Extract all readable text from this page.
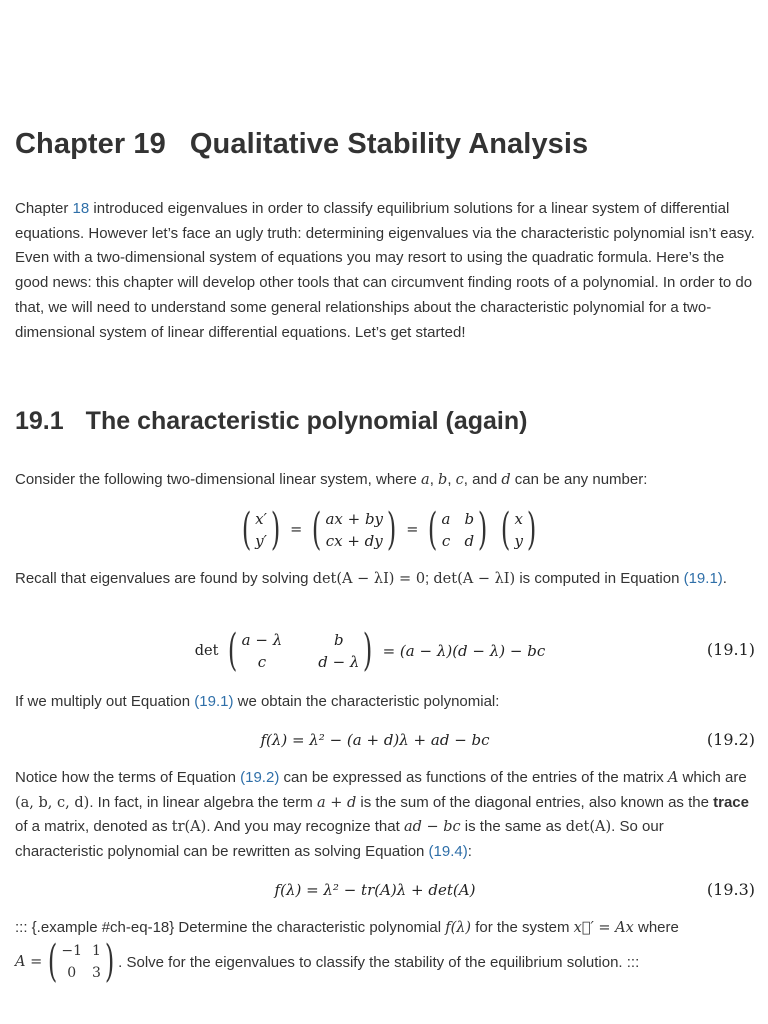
Chapter 19 Qualitative Stability Analysis

Chapter 18 introduced eigenvalues in order to classify equilibrium solutions for a linear system of differential equations. However let’s face an ugly truth: determining eigenvalues via the characteristic polynomial isn’t easy. Even with a two-dimensional system of equations you may resort to using the quadratic formula. Here’s the good news: this chapter will develop other tools that can circumvent finding roots of a polynomial. In order to do that, we will need to understand some general relationships about the characteristic polynomial for a two-dimensional system of linear differential equations. Let’s get started!

19.1 The characteristic polynomial (again)

Consider the following two-dimensional linear system, where a, b, c, and d can be any number:

( x′
y′ ) = ( ax + by
cx + dy ) = ( a b
c d ) ( x
y )

Recall that eigenvalues are found by solving det(A − λI) = 0; det(A − λI) is computed in Equation (19.1).

det ( a − λ	b
c	d − λ ) = (a − λ)(d − λ) − bc	(19.1)

If we multiply out Equation (19.1) we obtain the characteristic polynomial:

f(λ) = λ² − (a + d)λ + ad − bc	(19.2)

Notice how the terms of Equation (19.2) can be expressed as functions of the entries of the matrix A which are (a, b, c, d). In fact, in linear algebra the term a + d is the sum of the diagonal entries, also known as the trace of a matrix, denoted as tr(A). And you may recognize that ad − bc is the same as det(A). So our characteristic polynomial can be rewritten as solving Equation (19.4):

f(λ) = λ² − tr(A)λ + det(A)	(19.3)

::: {.example #ch-eq-18} Determine the characteristic polynomial f(λ) for the system x⃗′ = Ax where

A = ( −1 1
0	3 ) . Solve for the eigenvalues to classify the stability of the equilibrium solution. :::
